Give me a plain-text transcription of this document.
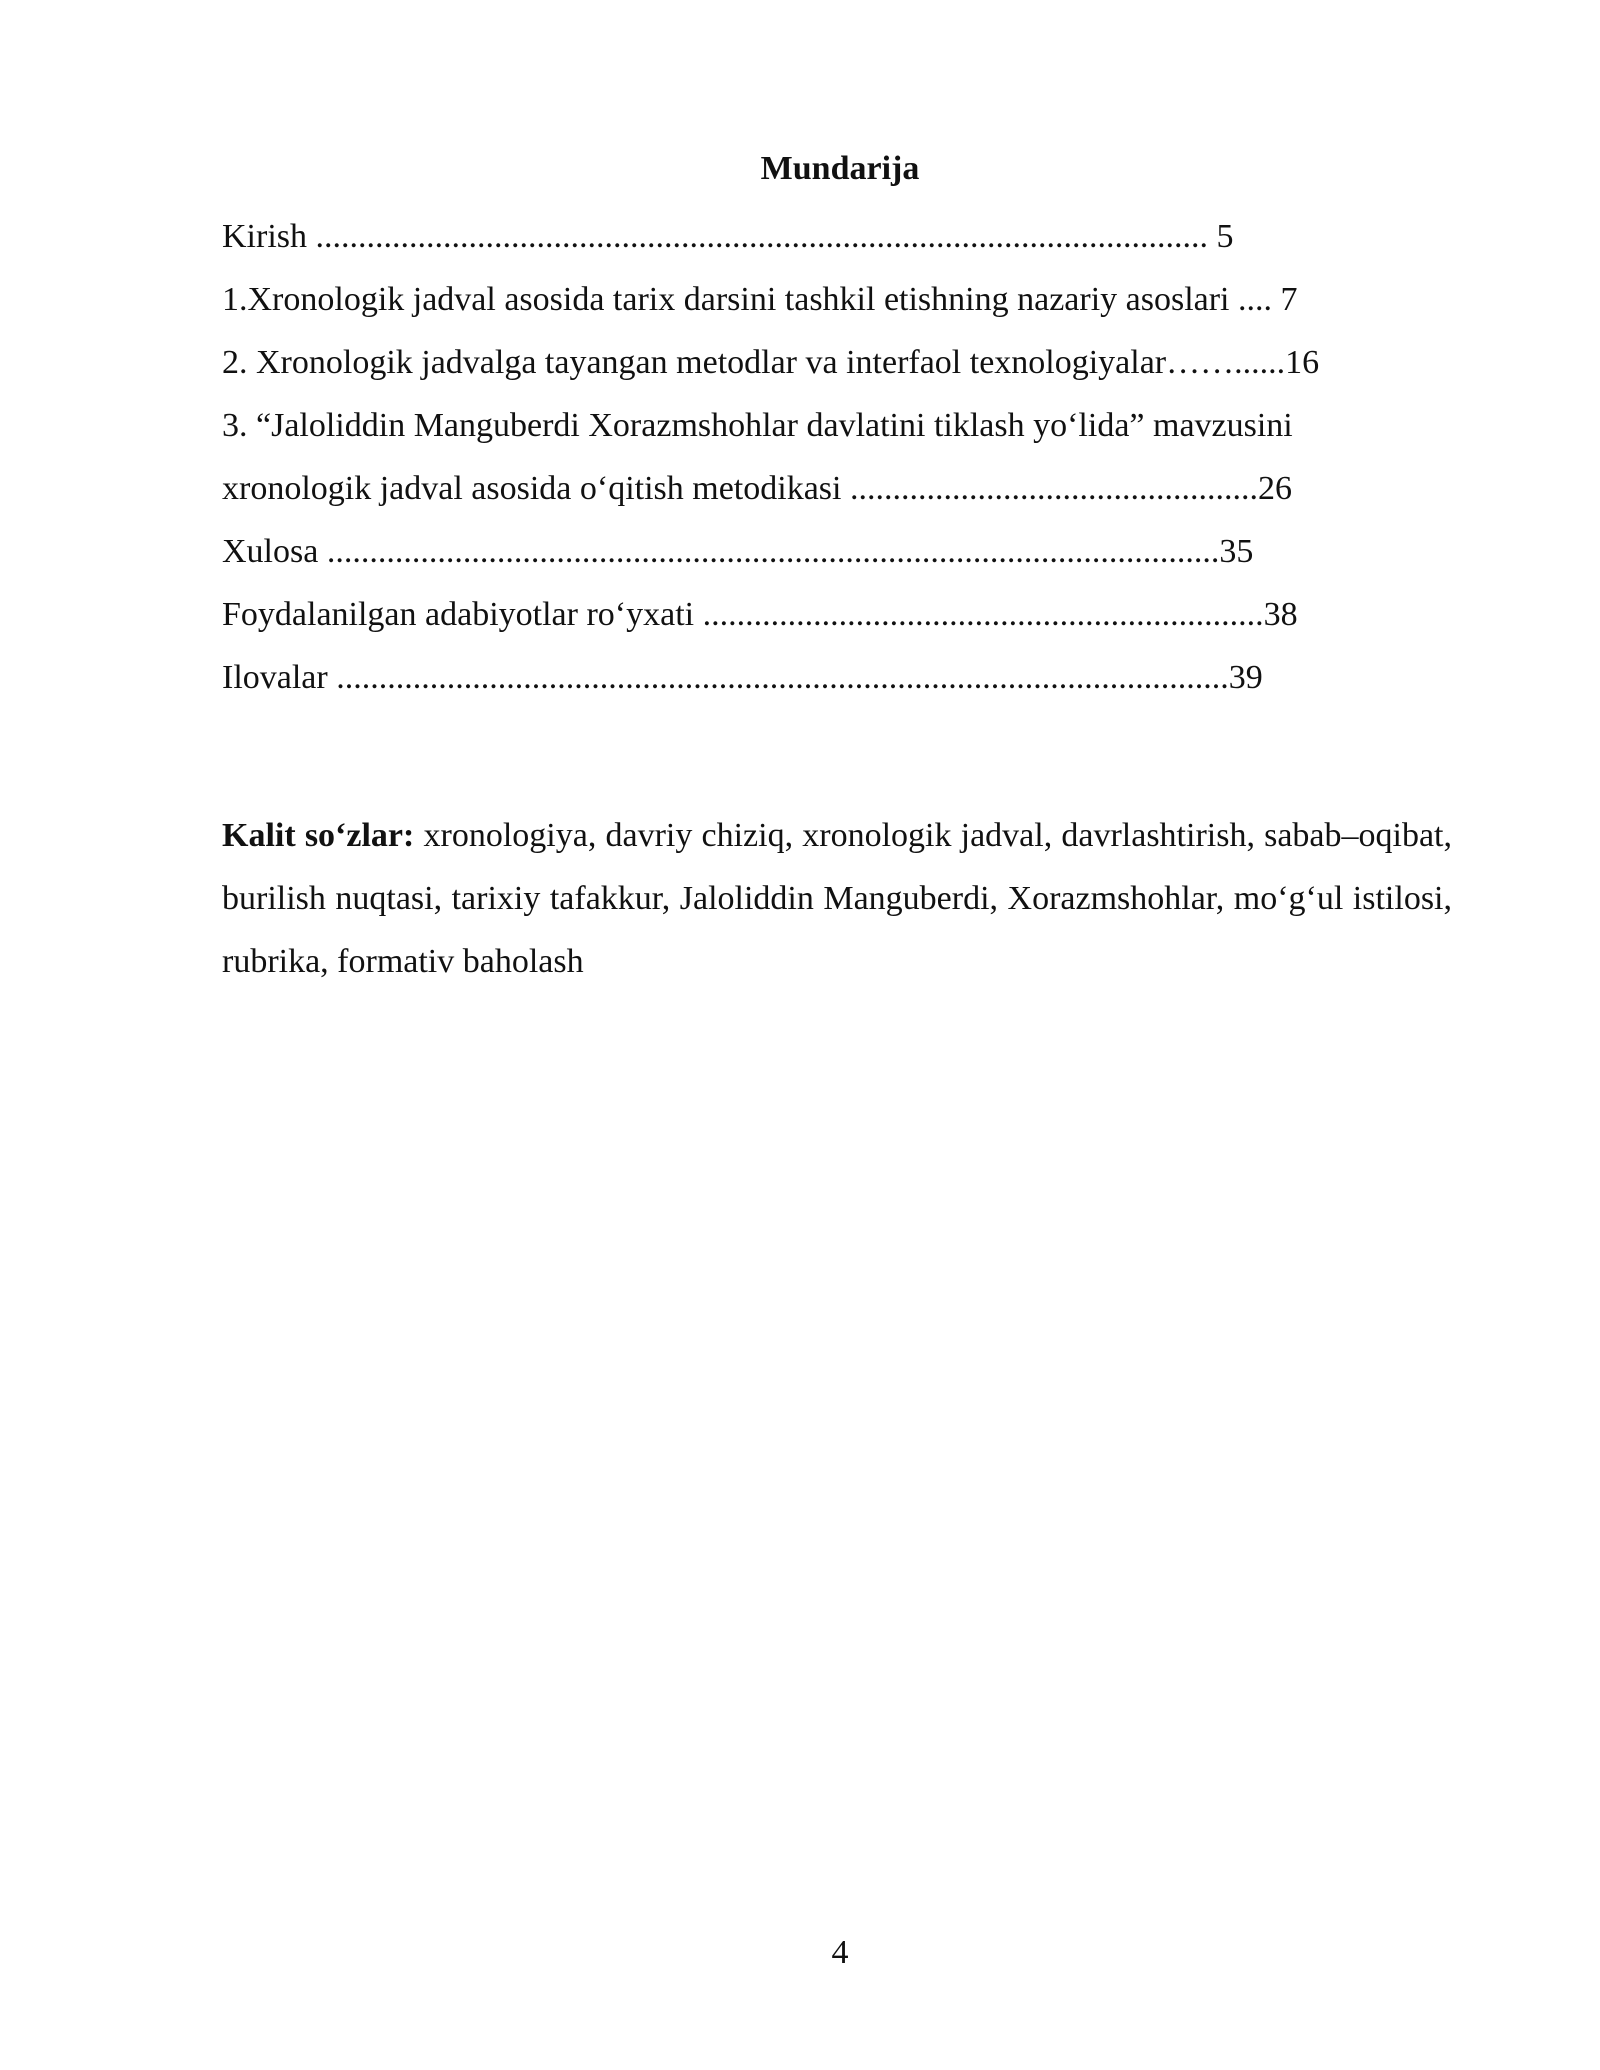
Mundarija
Kirish ......................................................................................................... 5
1.Xronologik jadval asosida tarix darsini tashkil etishning nazariy asoslari .... 7
2. Xronologik jadvalga tayangan metodlar va interfaol texnologiyalar……......16
3. “Jaloliddin Manguberdi Xorazmshohlar davlatini tiklash yo‘lida” mavzusini
xronologik jadval asosida o‘qitish metodikasi ................................................26
Xulosa .........................................................................................................35
Foydalanilgan adabiyotlar ro‘yxati ..................................................................38
Ilovalar .........................................................................................................39

Kalit so‘zlar: xronologiya, davriy chiziq, xronologik jadval, davrlashtirish, sabab–oqibat, burilish nuqtasi, tarixiy tafakkur, Jaloliddin Manguberdi, Xorazmshohlar, mo‘g‘ul istilosi, rubrika, formativ baholash

4
